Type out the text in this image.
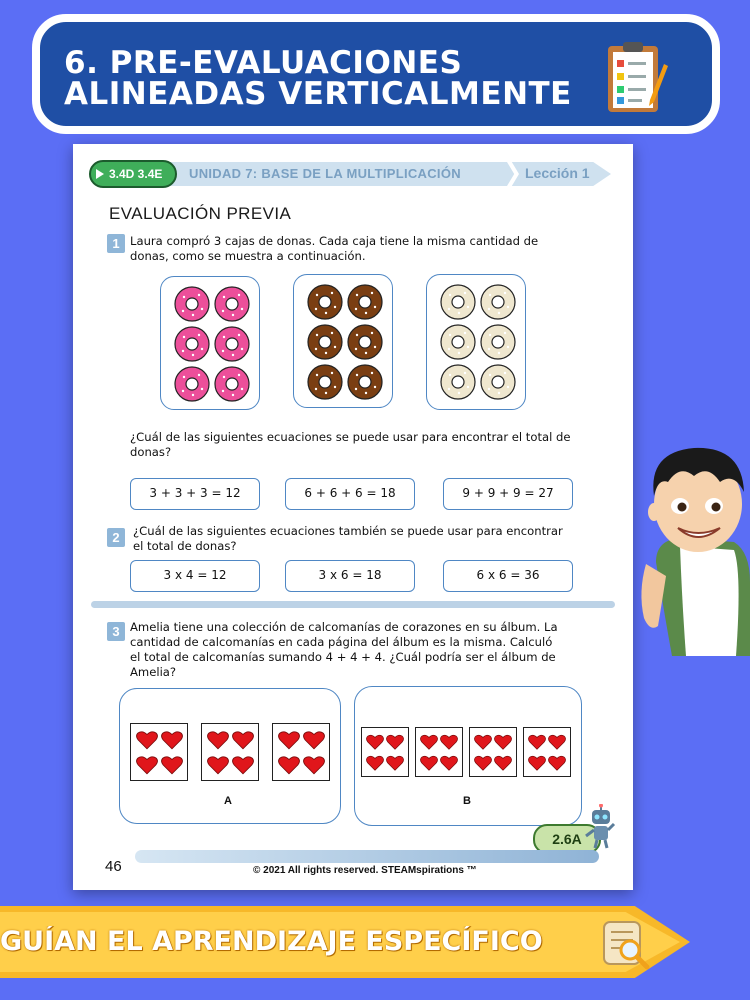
6. PRE-EVALUACIONES
ALINEADAS VERTICALMENTE
3.4D 3.4E	UNIDAD 7: BASE DE LA MULTIPLICACIÓN	Lección 1
EVALUACIÓN PREVIA
1 Laura compró 3 cajas de donas. Cada caja tiene la misma cantidad de
donas, como se muestra a continuación.
¿Cuál de las siguientes ecuaciones se puede usar para encontrar el total de
donas?
3 + 3 + 3 = 12	6 + 6 + 6 = 18	9 + 9 + 9 = 27
2	¿Cuál de las siguientes ecuaciones también se puede usar para encontrar
el total de donas?
3 x 4 = 12	3 x 6 = 18	6 x 6 = 36
3 Amelia tiene una colección de calcomanías de corazones en su álbum. La
cantidad de calcomanías en cada página del álbum es la misma. Calculó
el total de calcomanías sumando 4 + 4 + 4. ¿Cuál podría ser el álbum de
Amelia?
A	B
2.6A
46	© 2021 All rights reserved. STEAMspirations ™
GUÍAN EL APRENDIZAJE ESPECÍFICO
